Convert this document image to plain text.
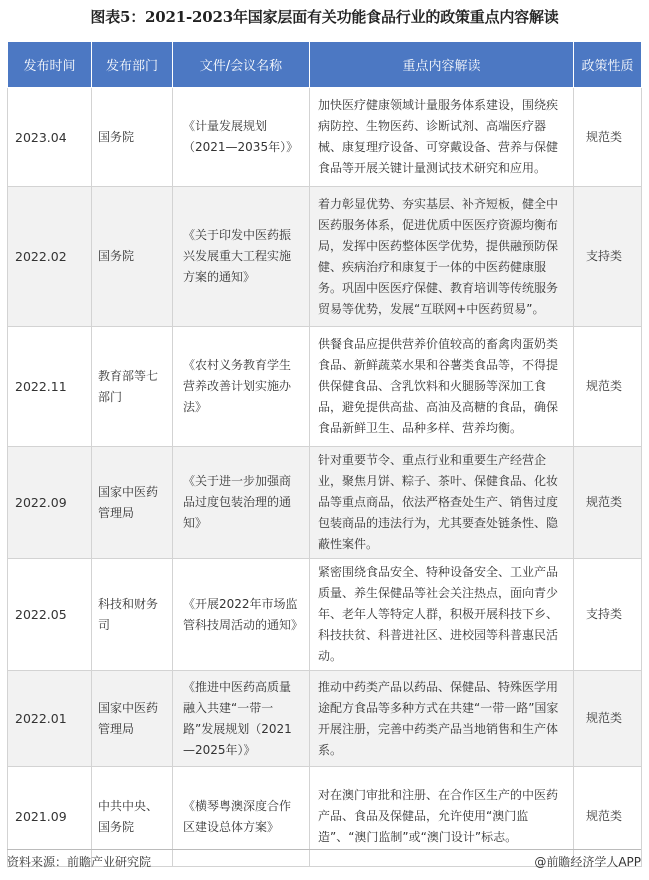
图表5：2021-2023年国家层面有关功能食品行业的政策重点内容解读
发布时间	发布部门	文件/会议名称	重点内容解读	政策性质
2023.04	国务院	《计量发展规划（2021—2035年）》	加快医疗健康领域计量服务体系建设，围绕疾病防控、生物医药、诊断试剂、高端医疗器械、康复理疗设备、可穿戴设备、营养与保健食品等开展关键计量测试技术研究和应用。	规范类
2022.02	国务院	《关于印发中医药振兴发展重大工程实施方案的通知》	着力彰显优势、夯实基层、补齐短板，健全中医药服务体系，促进优质中医医疗资源均衡布局，发挥中医药整体医学优势，提供融预防保健、疾病治疗和康复于一体的中医药健康服务。巩固中医医疗保健、教育培训等传统服务贸易等优势，发展“互联网+中医药贸易”。	支持类
2022.11	教育部等七部门	《农村义务教育学生营养改善计划实施办法》	供餐食品应提供营养价值较高的畜禽肉蛋奶类食品、新鲜蔬菜水果和谷薯类食品等，不得提供保健食品、含乳饮料和火腿肠等深加工食品，避免提供高盐、高油及高糖的食品，确保食品新鲜卫生、品种多样、营养均衡。	规范类
2022.09	国家中医药管理局	《关于进一步加强商品过度包装治理的通知》	针对重要节令、重点行业和重要生产经营企业，聚焦月饼、粽子、茶叶、保健食品、化妆品等重点商品，依法严格查处生产、销售过度包装商品的违法行为，尤其要查处链条性、隐蔽性案件。	规范类
2022.05	科技和财务司	《开展2022年市场监管科技周活动的通知》	紧密围绕食品安全、特种设备安全、工业产品质量、养生保健品等社会关注热点，面向青少年、老年人等特定人群，积极开展科技下乡、科技扶贫、科普进社区、进校园等科普惠民活动。	支持类
2022.01	国家中医药管理局	《推进中医药高质量融入共建“一带一路”发展规划（2021—2025年）》	推动中药类产品以药品、保健品、特殊医学用途配方食品等多种方式在共建“一带一路”国家开展注册，完善中药类产品当地销售和生产体系。	规范类
2021.09	中共中央、国务院	《横琴粤澳深度合作区建设总体方案》	对在澳门审批和注册、在合作区生产的中医药产品、食品及保健品，允许使用“澳门监造”、“澳门监制”或“澳门设计”标志。	规范类
资料来源：前瞻产业研究院	@前瞻经济学人APP
